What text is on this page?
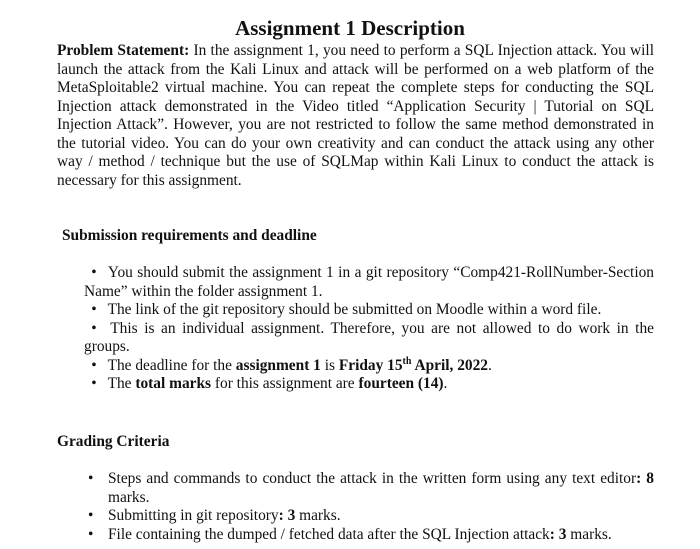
Assignment 1 Description

Problem Statement: In the assignment 1, you need to perform a SQL Injection attack. You will launch the attack from the Kali Linux and attack will be performed on a web platform of the MetaSploitable2 virtual machine. You can repeat the complete steps for conducting the SQL Injection attack demonstrated in the Video titled “Application Security | Tutorial on SQL Injection Attack”. However, you are not restricted to follow the same method demonstrated in the tutorial video. You can do your own creativity and can conduct the attack using any other way / method / technique but the use of SQLMap within Kali Linux to conduct the attack is necessary for this assignment.

Submission requirements and deadline
• You should submit the assignment 1 in a git repository “Comp421-RollNumber-Section Name” within the folder assignment 1.
• The link of the git repository should be submitted on Moodle within a word file.
• This is an individual assignment. Therefore, you are not allowed to do work in the groups.
• The deadline for the assignment 1 is Friday 15th April, 2022.
• The total marks for this assignment are fourteen (14).
Grading Criteria
• Steps and commands to conduct the attack in the written form using any text editor: 8 marks.
• Submitting in git repository: 3 marks.
• File containing the dumped / fetched data after the SQL Injection attack: 3 marks.
